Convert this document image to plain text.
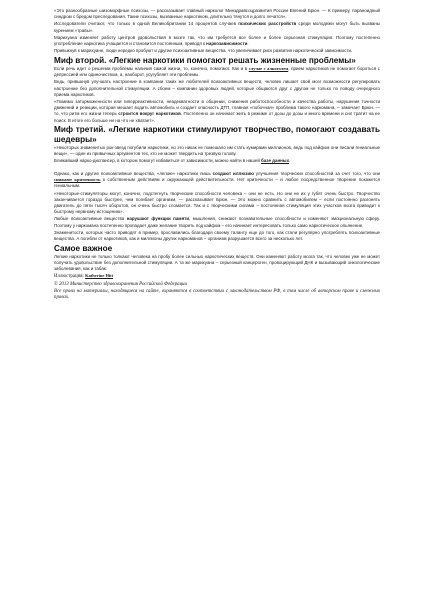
«Это разнообразные шизоморфные психозы, — рассказывает главный нарколог Минздравсоцразвития России Евгений Брюн. — К примеру, параноидный синдром с бредом преследования. Такие психозы, вызванные наркотиком, длительно тянутся и долго лечатся».

Исследователи считают, что только в одной Великобритании 14 процентов случаев психических расстройств среди молодежи могут быть вызваны курением «травы».

Марихуана изменяет работу центров удовольствия в мозге так, что им требуется все более и более серьезная стимуляция. Поэтому постепенно употребление наркотика учащается и становится постоянным, приводя к наркозависимости.

Привыкнув к марихуане, люди нередко пробуют и другие психоактивные вещества, что увеличивает риск развития наркотической зависимости.

Миф второй. «Легкие наркотики помогают решать жизненные проблемы»

Если речь идет о решении проблемы наличия самой жизни, то, конечно, помогают. Как и в случае с алкоголем, прием наркотиков не помогает бороться с депрессией или одиночеством, а, наоборот, усугубляет эти проблемы.

Ведь, привыкнув улучшать настроение в компании таких же любителей психоактивных веществ, человек лишает свой мозг возможности регулировать настроение без дополнительной стимуляции. А сбоем – компании здоровых людей, которые общаются друг с другом не только по поводу очередного приема наркотиков.

«Помимо заторможенности или гиперреактивности, неадекватности в общении, снижения работоспособности и качества работы, нарушения точности движений и реакции, которая мешает водить автомобиль и создает опасность ДТП, главная «побочная» проблема такого наркомана, – замечает Брюн. — то, что ритм его жизни теперь строится вокруг наркотиков. Постепенно он начинает жить в режиме от дозы до дозы и много времени и сил тратит на ее поиск. В итоге его больше ни на что не хватает».

Миф третий. «Легкие наркотики стимулируют творчество, помогают создавать шедевры»

«Некоторых знаменитых рок-звезд погубили наркотики, но это никак не помешало им стать кумирами миллионов, ведь под кайфом они писали гениальные вещи», — один из привычных аргументов тех, кто не может твердить на трезвую голову.

Ближайший нарко-диспансер, в котором помогут избавиться от зависимости, можно найти в нашей базе данных.

Однако, как и другие психоактивные вещества, «легкие» наркотики лишь создают иллюзию улучшения творческих способностей за счет того, что они снижают критичность к собственным действиям и окружающей действительности. Нет критичности – и любое посредственное творение покажется гениальным.

«Некоторые-стимуляторы могут, конечно, подстегнуть творческие способности человека – они не есть. Но они не их у губят очень быстро. Творчество заканчивается гораздо быстрее, чем погибает организм, — рассказывает Брюн. — Это можно сравнить с автомобилем – если постоянно разгонять двигатель до пяти тысяч оборотов, он очень быстро сломается. Так и с творческими силами – постоянная стимуляция этих участков мозга приводит к быстрому нервному истощению».

Любые психоактивные вещества нарушают функции памяти, мышления, снижают познавательные способности и изменяют эмоциональную сферу. Поэтому у наркомана постепенно пропадает даже желание творить под кайфом – его начинает интересовать только само наркотическое опьянение.

Знаменитости, которых часто приводят в пример, прославились благодаря своему таланту еще до того, как стали регулярно употреблять психоактивные вещества. А погибли от наркотиков, как и миллионы других наркоманов – организм разрушается всего за несколько лет.

Самое важное

Легкие наркотики не только толкают человека на пробу более сильных наркотических веществ. Они изменяют работу мозга так, что человек уже не может получать удовольствие без дополнительной стимуляции. А та же марихуана – серьезный канцероген, провоцирующий ДНК и вызывающий онкологические заболевания, как и табак.

Иллюстрация: Katherine Hitt

© 2013 Министерство здравоохранения Российской Федерации

Все права на материалы, находящиеся на сайте, охраняются в соответствии с законодательством РФ, в том числе об авторском праве и смежных правах.
